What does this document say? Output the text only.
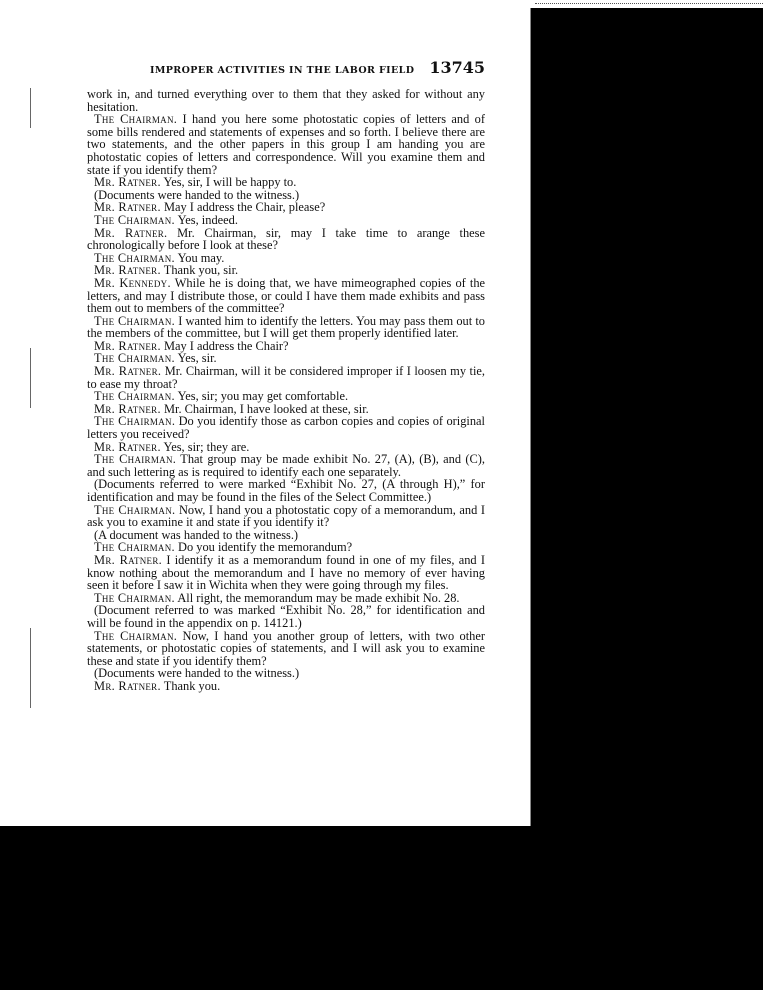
IMPROPER ACTIVITIES IN THE LABOR FIELD 13745

work in, and turned everything over to them that they asked for without any hesitation.

The Chairman. I hand you here some photostatic copies of letters and of some bills rendered and statements of expenses and so forth. I believe there are two statements, and the other papers in this group I am handing you are photostatic copies of letters and correspondence. Will you examine them and state if you identify them?

Mr. Ratner. Yes, sir, I will be happy to.

(Documents were handed to the witness.)

Mr. Ratner. May I address the Chair, please?

The Chairman. Yes, indeed.

Mr. Ratner. Mr. Chairman, sir, may I take time to arange these chronologically before I look at these?

The Chairman. You may.

Mr. Ratner. Thank you, sir.

Mr. Kennedy. While he is doing that, we have mimeographed copies of the letters, and may I distribute those, or could I have them made exhibits and pass them out to members of the committee?

The Chairman. I wanted him to identify the letters. You may pass them out to the members of the committee, but I will get them properly identified later.

Mr. Ratner. May I address the Chair?

The Chairman. Yes, sir.

Mr. Ratner. Mr. Chairman, will it be considered improper if I loosen my tie, to ease my throat?

The Chairman. Yes, sir; you may get comfortable.

Mr. Ratner. Mr. Chairman, I have looked at these, sir.

The Chairman. Do you identify those as carbon copies and copies of original letters you received?

Mr. Ratner. Yes, sir; they are.

The Chairman. That group may be made exhibit No. 27, (A), (B), and (C), and such lettering as is required to identify each one separately.

(Documents referred to were marked “Exhibit No. 27, (A through H),” for identification and may be found in the files of the Select Committee.)

The Chairman. Now, I hand you a photostatic copy of a memorandum, and I ask you to examine it and state if you identify it?

(A document was handed to the witness.)

The Chairman. Do you identify the memorandum?

Mr. Ratner. I identify it as a memorandum found in one of my files, and I know nothing about the memorandum and I have no memory of ever having seen it before I saw it in Wichita when they were going through my files.

The Chairman. All right, the memorandum may be made exhibit No. 28.

(Document referred to was marked “Exhibit No. 28,” for identification and will be found in the appendix on p. 14121.)

The Chairman. Now, I hand you another group of letters, with two other statements, or photostatic copies of statements, and I will ask you to examine these and state if you identify them?

(Documents were handed to the witness.)

Mr. Ratner. Thank you.
